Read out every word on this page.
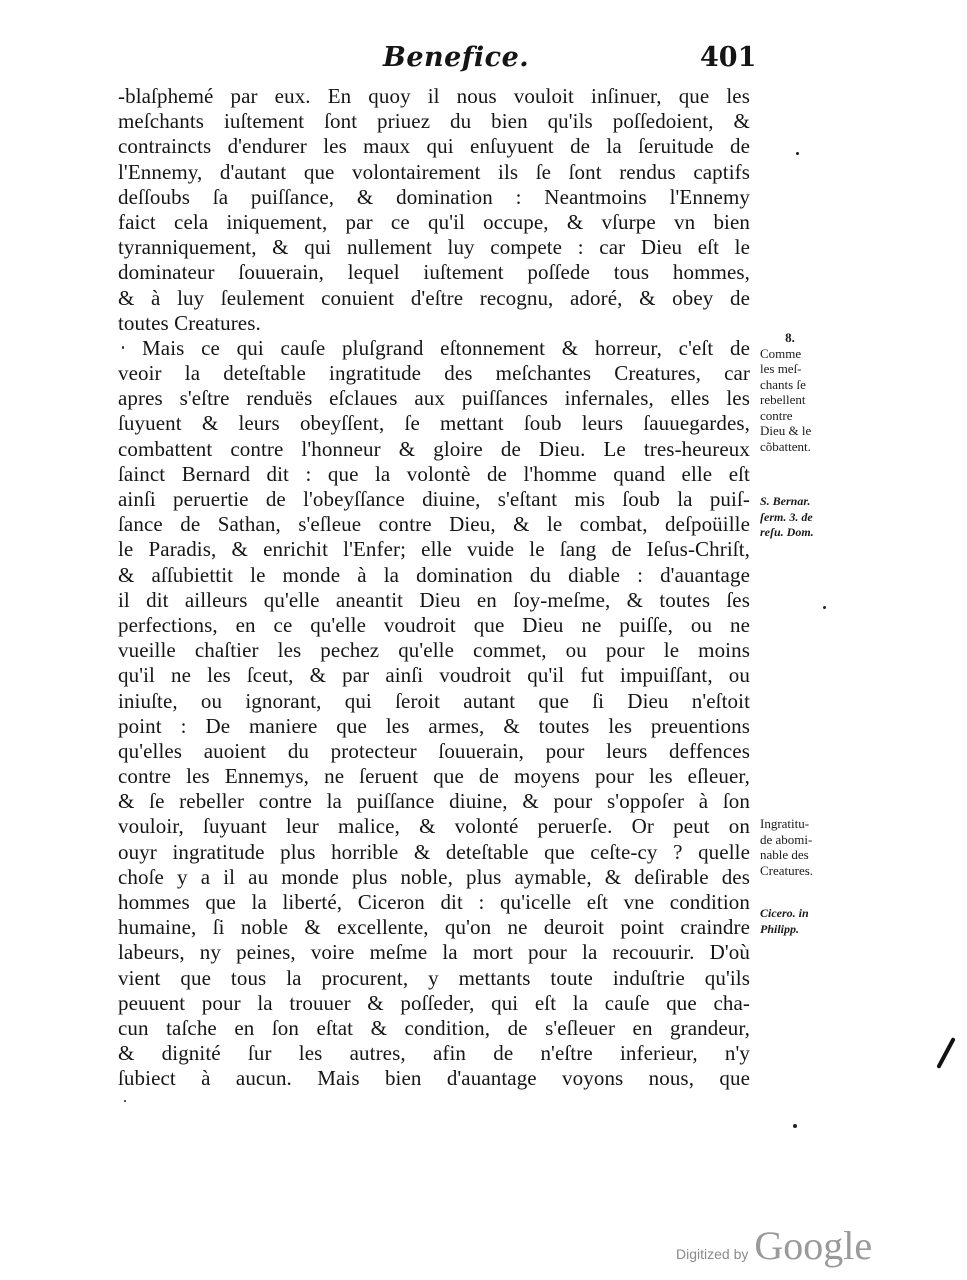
Benefice.	401
-blaſphemé par eux. En quoy il nous vouloit inſinuer, que les
meſchants iuſtement ſont priuez du bien qu'ils poſſedoient, &
contraincts d'endurer les maux qui enſuyuent de la ſeruitude de
l'Ennemy, d'autant que volontairement ils ſe ſont rendus captifs
deſſoubs ſa puiſſance, & domination : Neantmoins l'Ennemy
faict cela iniquement, par ce qu'il occupe, & vſurpe vn bien
tyranniquement, & qui nullement luy compete : car Dieu eſt le
dominateur ſouuerain, lequel iuſtement poſſede tous hommes,
& à luy ſeulement conuient d'eſtre recognu, adoré, & obey de
toutes Creatures.
Mais ce qui cauſe pluſgrand eſtonnement & horreur, c'eſt de
veoir la deteſtable ingratitude des meſchantes Creatures, car
apres s'eſtre renduës eſclaues aux puiſſances infernales, elles les
ſuyuent & leurs obeyſſent, ſe mettant ſoub leurs ſauuegardes,
combattent contre l'honneur & gloire de Dieu. Le tres-heureux
ſainct Bernard dit : que la volontè de l'homme quand elle eſt
ainſi peruertie de l'obeyſſance diuine, s'eſtant mis ſoub la puiſ-
ſance de Sathan, s'eſleue contre Dieu, & le combat, deſpoüille
le Paradis, & enrichit l'Enfer; elle vuide le ſang de Ieſus-Chriſt,
& aſſubiettit le monde à la domination du diable : d'auantage
il dit ailleurs qu'elle aneantit Dieu en ſoy-meſme, & toutes ſes
perfections, en ce qu'elle voudroit que Dieu ne puiſſe, ou ne
vueille chaſtier les pechez qu'elle commet, ou pour le moins
qu'il ne les ſceut, & par ainſi voudroit qu'il fut impuiſſant, ou
iniuſte, ou ignorant, qui ſeroit autant que ſi Dieu n'eſtoit
point : De maniere que les armes, & toutes les preuentions
qu'elles auoient du protecteur ſouuerain, pour leurs deffences
contre les Ennemys, ne ſeruent que de moyens pour les eſleuer,
& ſe rebeller contre la puiſſance diuine, & pour s'oppoſer à ſon
vouloir, ſuyuant leur malice, & volonté peruerſe. Or peut on
ouyr ingratitude plus horrible & deteſtable que ceſte-cy ? quelle
choſe y a il au monde plus noble, plus aymable, & deſirable des
hommes que la liberté, Ciceron dit : qu'icelle eſt vne condition
humaine, ſi noble & excellente, qu'on ne deuroit point craindre
labeurs, ny peines, voire meſme la mort pour la recouurir. D'où
vient que tous la procurent, y mettants toute induſtrie qu'ils
peuuent pour la trouuer & poſſeder, qui eſt la cauſe que cha-
cun taſche en ſon eſtat & condition, de s'eſleuer en grandeur,
& dignité ſur les autres, afin de n'eſtre inferieur, n'y
ſubiect à aucun. Mais bien d'auantage voyons nous, que
8.
Comme
les meſ-
chants ſe
rebellent
contre
Dieu & le
cõbattent.
S. Bernar.
ſerm. 3. de
reſu. Dom.
Ingratitu-
de abomi-
nable des
Creatures.
Cicero. in
Philipp.
Digitized by Google
